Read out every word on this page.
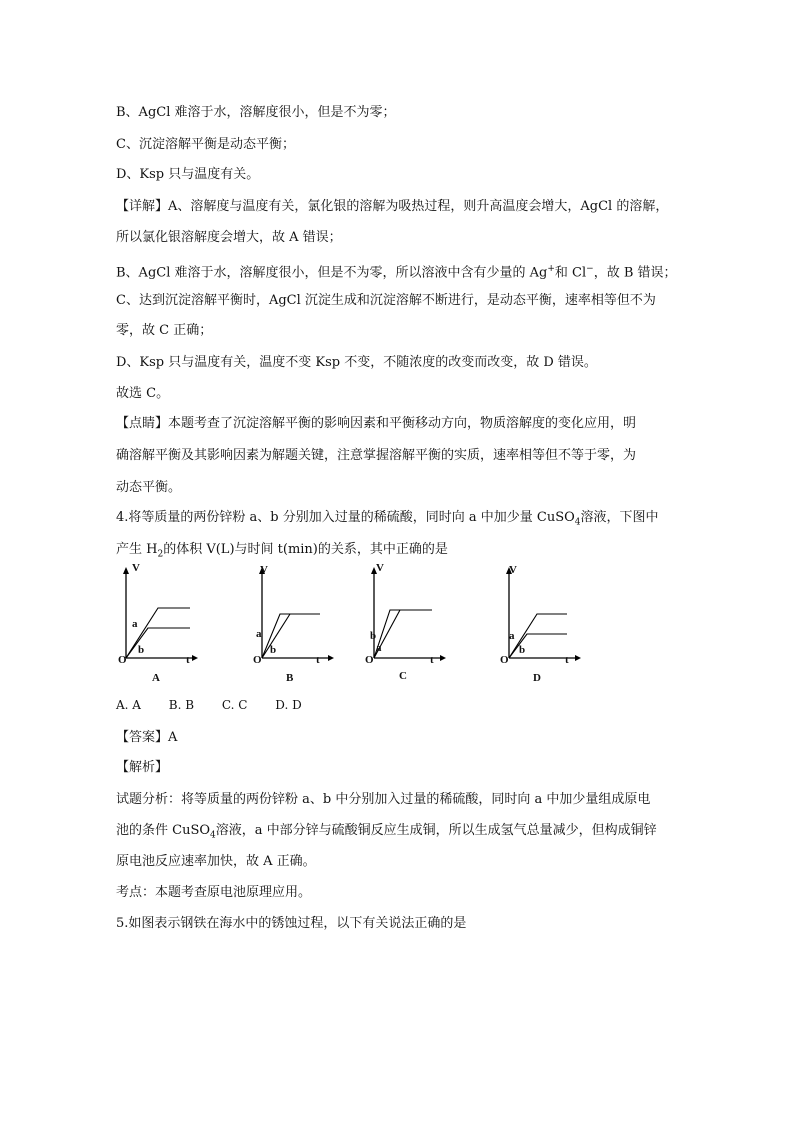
B、AgCl 难溶于水，溶解度很小，但是不为零；
C、沉淀溶解平衡是动态平衡；
D、Ksp 只与温度有关。
【详解】A、溶解度与温度有关，氯化银的溶解为吸热过程，则升高温度会增大，AgCl 的溶解，
所以氯化银溶解度会增大，故 A 错误；
B、AgCl 难溶于水，溶解度很小，但是不为零，所以溶液中含有少量的 Ag+和 Cl−，故 B 错误；
C、达到沉淀溶解平衡时，AgCl 沉淀生成和沉淀溶解不断进行，是动态平衡，速率相等但不为
零，故 C 正确；
D、Ksp 只与温度有关，温度不变 Ksp 不变，不随浓度的改变而改变，故 D 错误。
故选 C。
【点睛】本题考查了沉淀溶解平衡的影响因素和平衡移动方向，物质溶解度的变化应用，明
确溶解平衡及其影响因素为解题关键，注意掌握溶解平衡的实质，速率相等但不等于零，为
动态平衡。
4.将等质量的两份锌粉 a、b 分别加入过量的稀硫酸，同时向 a 中加少量 CuSO$_4$溶液，下图中
产生 $H_2$的体积 V(L)与时间 t(min)的关系，其中正确的是
V
t
O
a
b
A
V
t
O
a
b
B
V
t
O
b
a
C
V
t
O
a
b
D
A. A B. B C. C D. D
【答案】A
【解析】
试题分析：将等质量的两份锌粉 a、b 中分别加入过量的稀硫酸，同时向 a 中加少量组成原电
池的条件 CuSO$_4$溶液，a 中部分锌与硫酸铜反应生成铜，所以生成氢气总量减少，但构成铜锌
原电池反应速率加快，故 A 正确。
考点：本题考查原电池原理应用。
5.如图表示钢铁在海水中的锈蚀过程，以下有关说法正确的是
